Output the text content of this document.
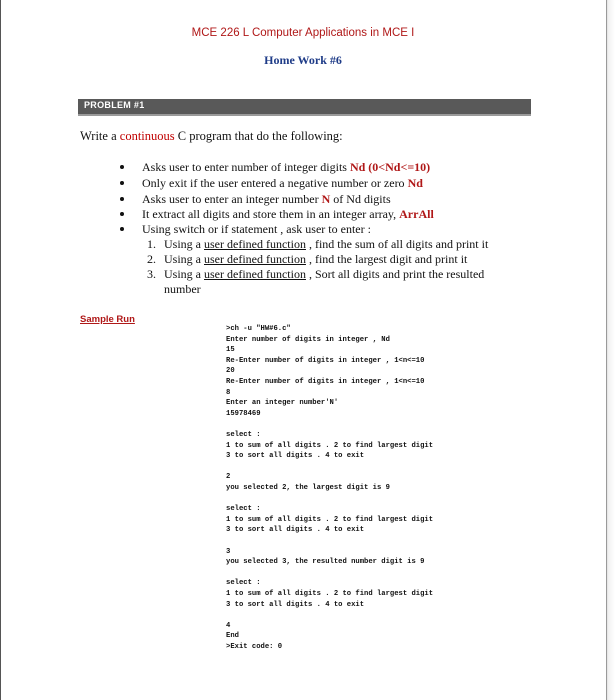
MCE 226 L Computer Applications in MCE I
Home Work #6
PROBLEM #1
Write a continuous C program that do the following:
Asks user to enter number of integer digits Nd (0<Nd<=10)
Only exit if the user entered a negative number or zero Nd
Asks user to enter an integer number N of Nd digits
It extract all digits and store them in an integer array, ArrAll
Using switch or if statement , ask user to enter :
1. Using a user defined function , find the sum of all digits and print it
2. Using a user defined function , find the largest digit and print it
3. Using a user defined function , Sort all digits and print the resulted
number
Sample Run
>ch -u "HW#6.c"
Enter number of digits in integer , Nd
15
Re-Enter number of digits in integer , 1<n<=10
20
Re-Enter number of digits in integer , 1<n<=10
8
Enter an integer number'N'
15978469
select :
1 to sum of all digits . 2 to find largest digit
3 to sort all digits . 4 to exit
2
you selected 2, the largest digit is 9
select :
1 to sum of all digits . 2 to find largest digit
3 to sort all digits . 4 to exit
3
you selected 3, the resulted number digit is 9
select :
1 to sum of all digits . 2 to find largest digit
3 to sort all digits . 4 to exit
4
End
>Exit code: 0
